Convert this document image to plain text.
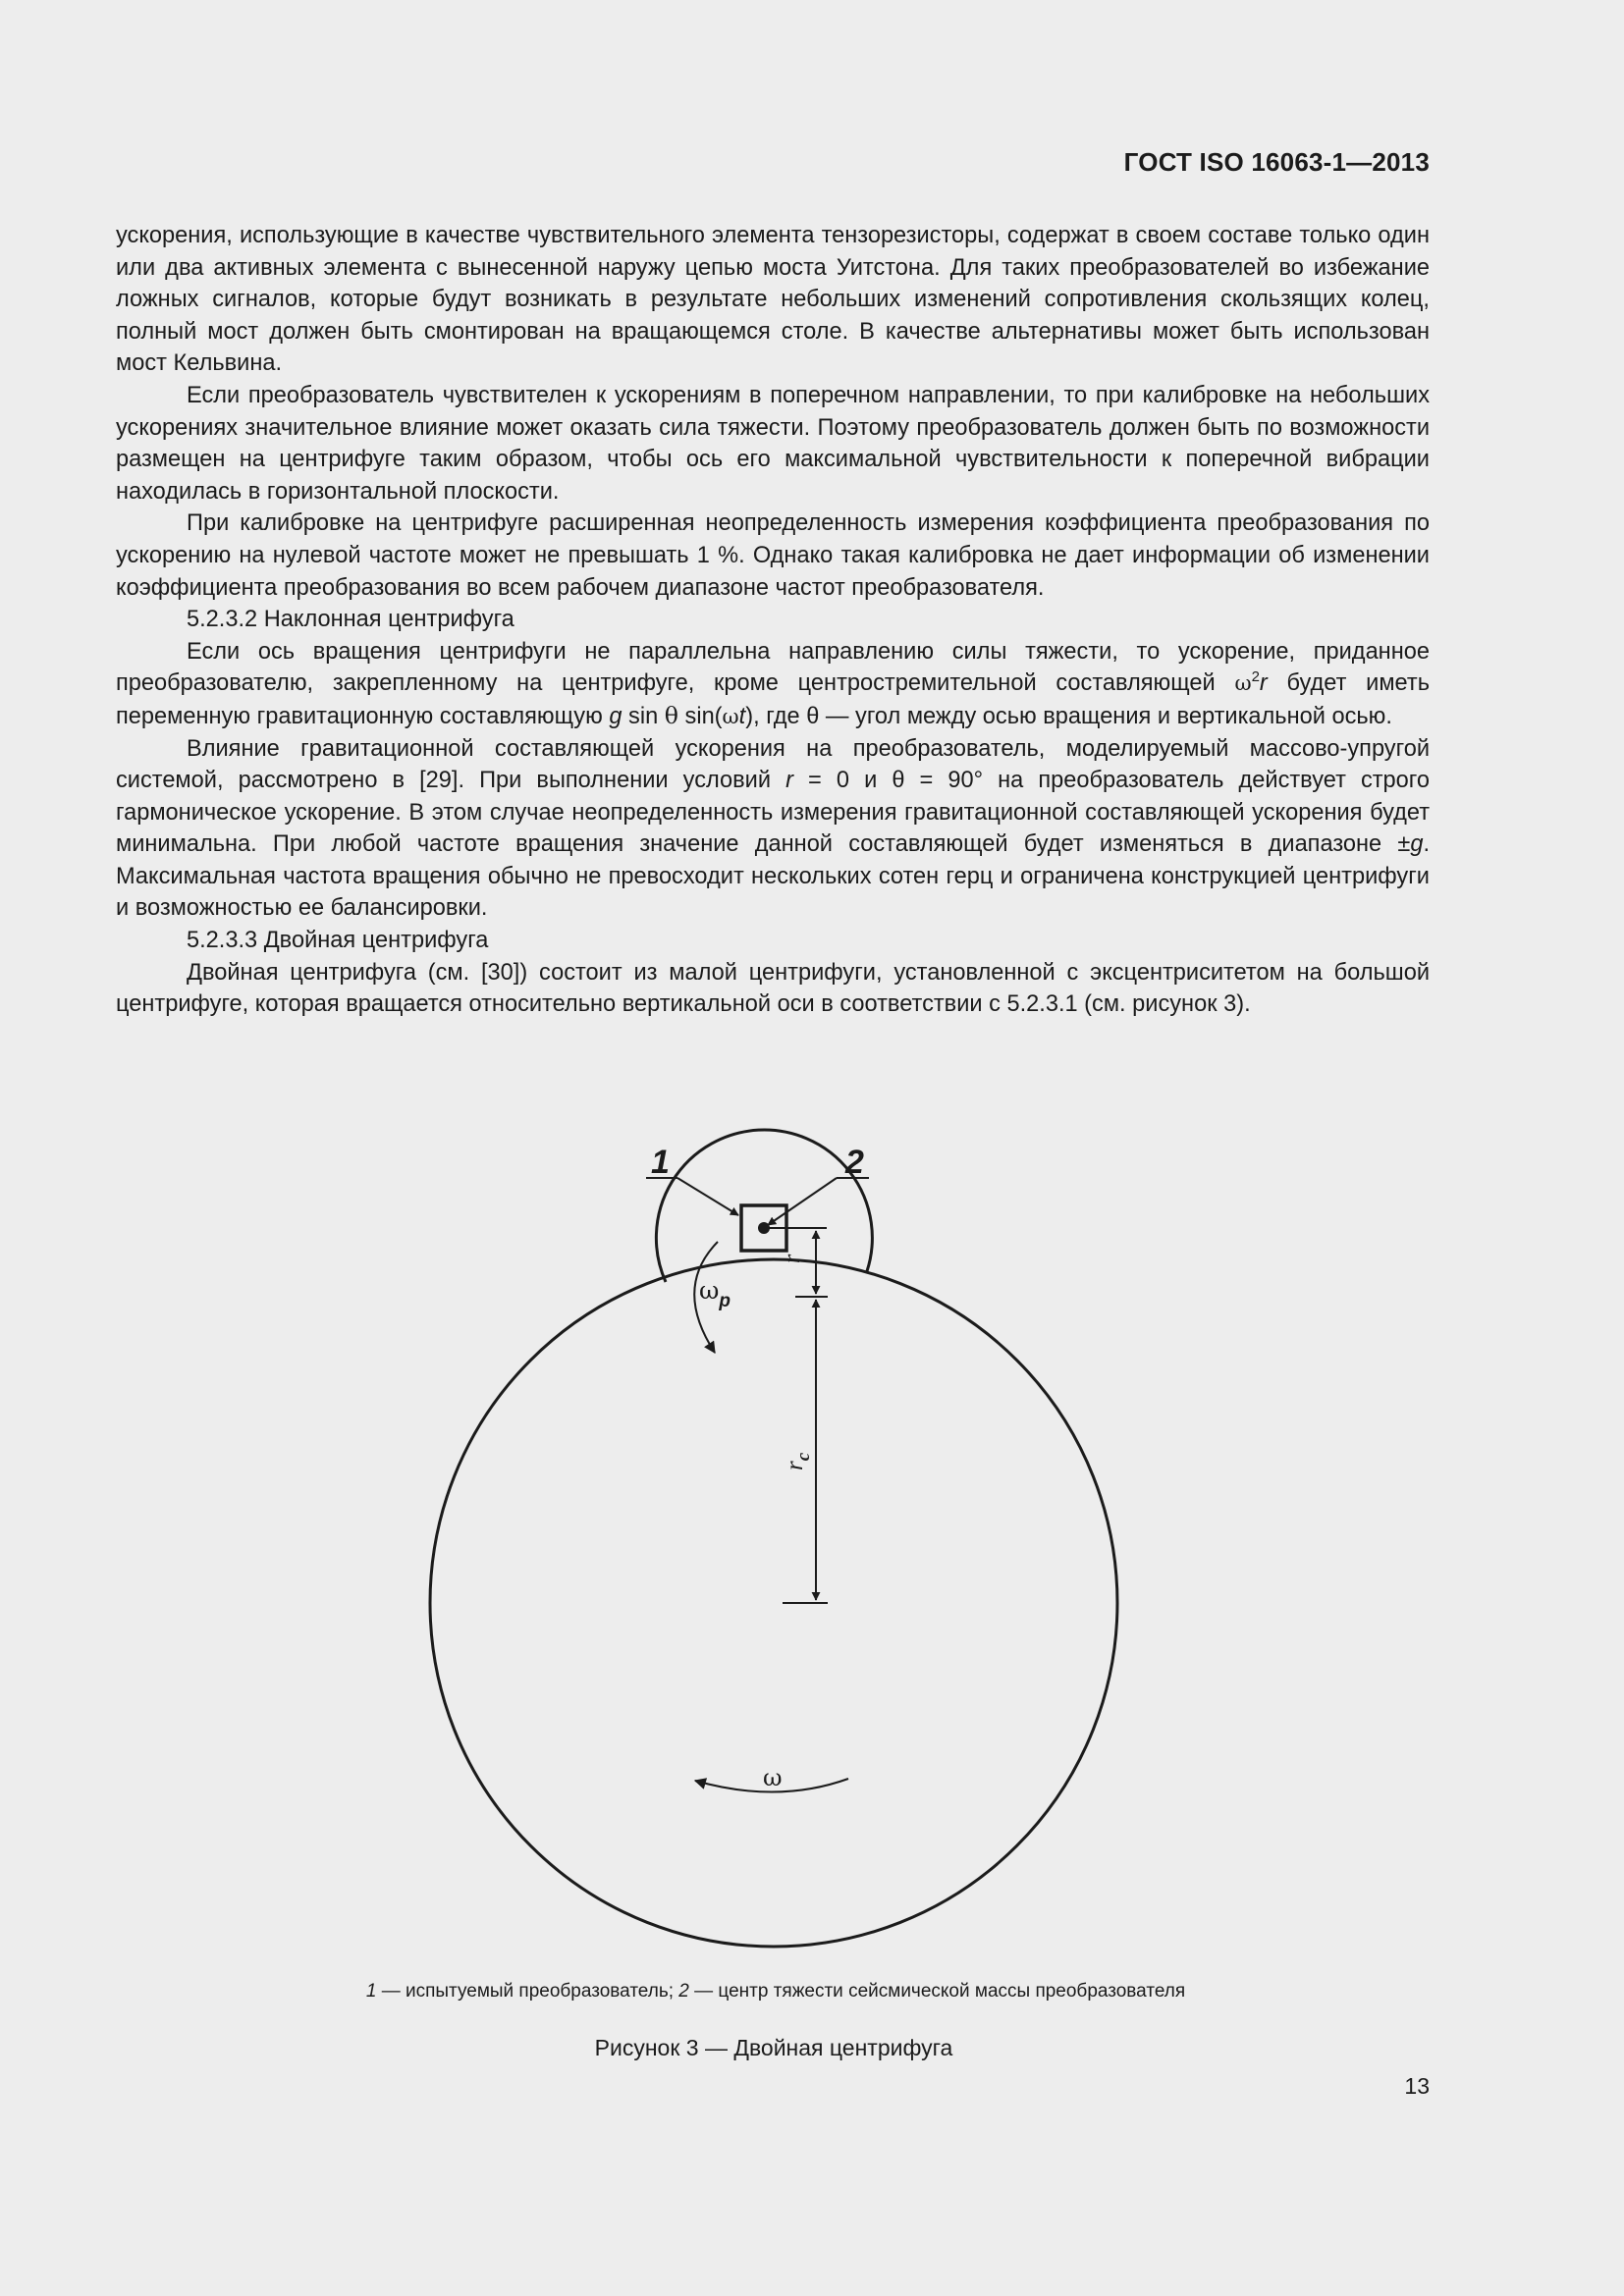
ГОСТ ISO 16063-1—2013

ускорения, использующие в качестве чувствительного элемента тензорезисторы, содержат в своем составе только один или два активных элемента с вынесенной наружу цепью моста Уитстона. Для таких преобразователей во избежание ложных сигналов, которые будут возникать в результате небольших изменений сопротивления скользящих колец, полный мост должен быть смонтирован на вращающемся столе. В качестве альтернативы может быть использован мост Кельвина.

Если преобразователь чувствителен к ускорениям в поперечном направлении, то при калибровке на небольших ускорениях значительное влияние может оказать сила тяжести. Поэтому преобразователь должен быть по возможности размещен на центрифуге таким образом, чтобы ось его максимальной чувствительности к поперечной вибрации находилась в горизонтальной плоскости.

При калибровке на центрифуге расширенная неопределенность измерения коэффициента преобразования по ускорению на нулевой частоте может не превышать 1 %. Однако такая калибровка не дает информации об изменении коэффициента преобразования во всем рабочем диапазоне частот преобразователя.

5.2.3.2 Наклонная центрифуга

Если ось вращения центрифуги не параллельна направлению силы тяжести, то ускорение, приданное преобразователю, закрепленному на центрифуге, кроме центростремительной составляющей $\omega^2r$ будет иметь переменную гравитационную составляющую g sin θ sin(ωt), где θ — угол между осью вращения и вертикальной осью.

Влияние гравитационной составляющей ускорения на преобразователь, моделируемый массово-упругой системой, рассмотрено в [29]. При выполнении условий r = 0 и θ = 90° на преобразователь действует строго гармоническое ускорение. В этом случае неопределенность измерения гравитационной составляющей ускорения будет минимальна. При любой частоте вращения значение данной составляющей будет изменяться в диапазоне ±g. Максимальная частота вращения обычно не превосходит нескольких сотен герц и ограничена конструкцией центрифуги и возможностью ее балансировки.

5.2.3.3 Двойная центрифуга

Двойная центрифуга (см. [30]) состоит из малой центрифуги, установленной с эксцентриситетом на большой центрифуге, которая вращается относительно вертикальной оси в соответствии с 5.2.3.1 (см. рисунок 3).

1	2
r
$r_c$
$\omega_p$
ω
1 — испытуемый преобразователь; 2 — центр тяжести сейсмической массы преобразователя
Рисунок 3 — Двойная центрифуга
13
